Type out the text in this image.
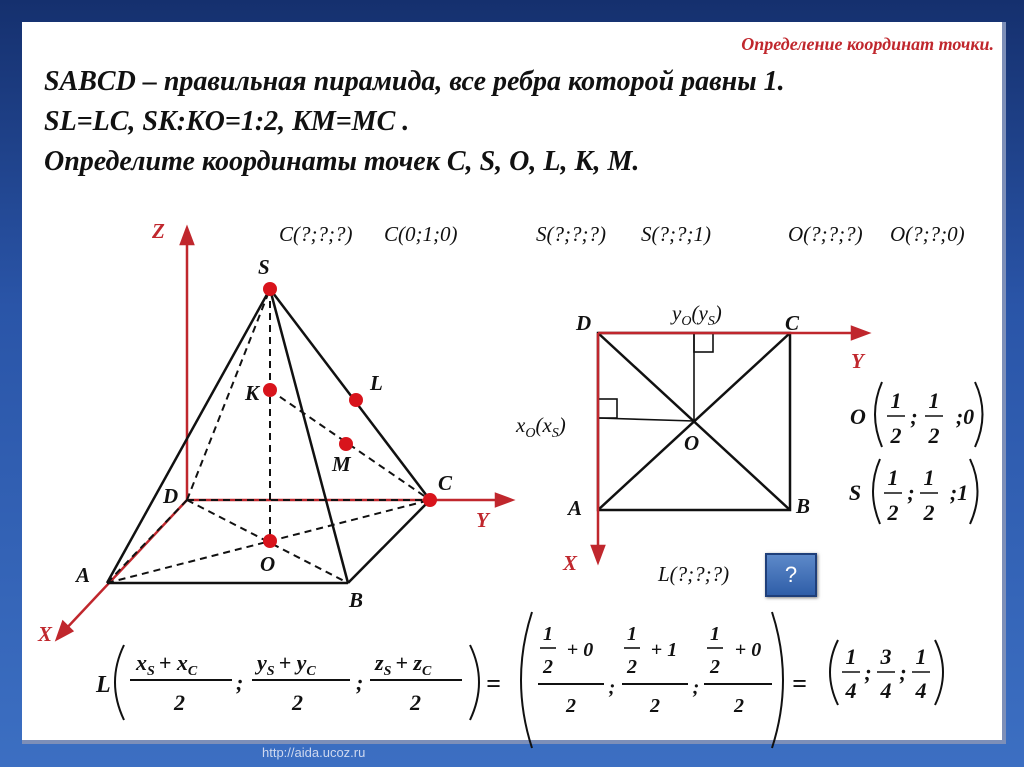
Определение координат точки.
SABCD – правильная пирамида, все ребра которой равны 1.
SL=LC, SK:KO=1:2, KM=MC .
Определите координаты точек С, S, O, L, К, M.
C(?;?;?) C(0;1;0)	S(?;?;?) S(?;?;1)	O(?;?;?) O(?;?;0)
Z
Y
X
S
К	L
M
C
D
A	O
B
D	C
A	B
O
Y
X
$y_O(y_S)$
$x_O(x_S)$	O
1
2
;
1
2
;0
S
1
2
;
1
2
;1
L(?;?;?)	?
L
$x_S + x_C$
2
;
$y_S + y_C$
2
;
$z_S + z_C$
2
=
1
2
+ 0
2
;
1
2
+ 1
2
;
1
2
+ 0
2
=
1
4
;
3
4
;
1
4
http://aida.ucoz.ru
